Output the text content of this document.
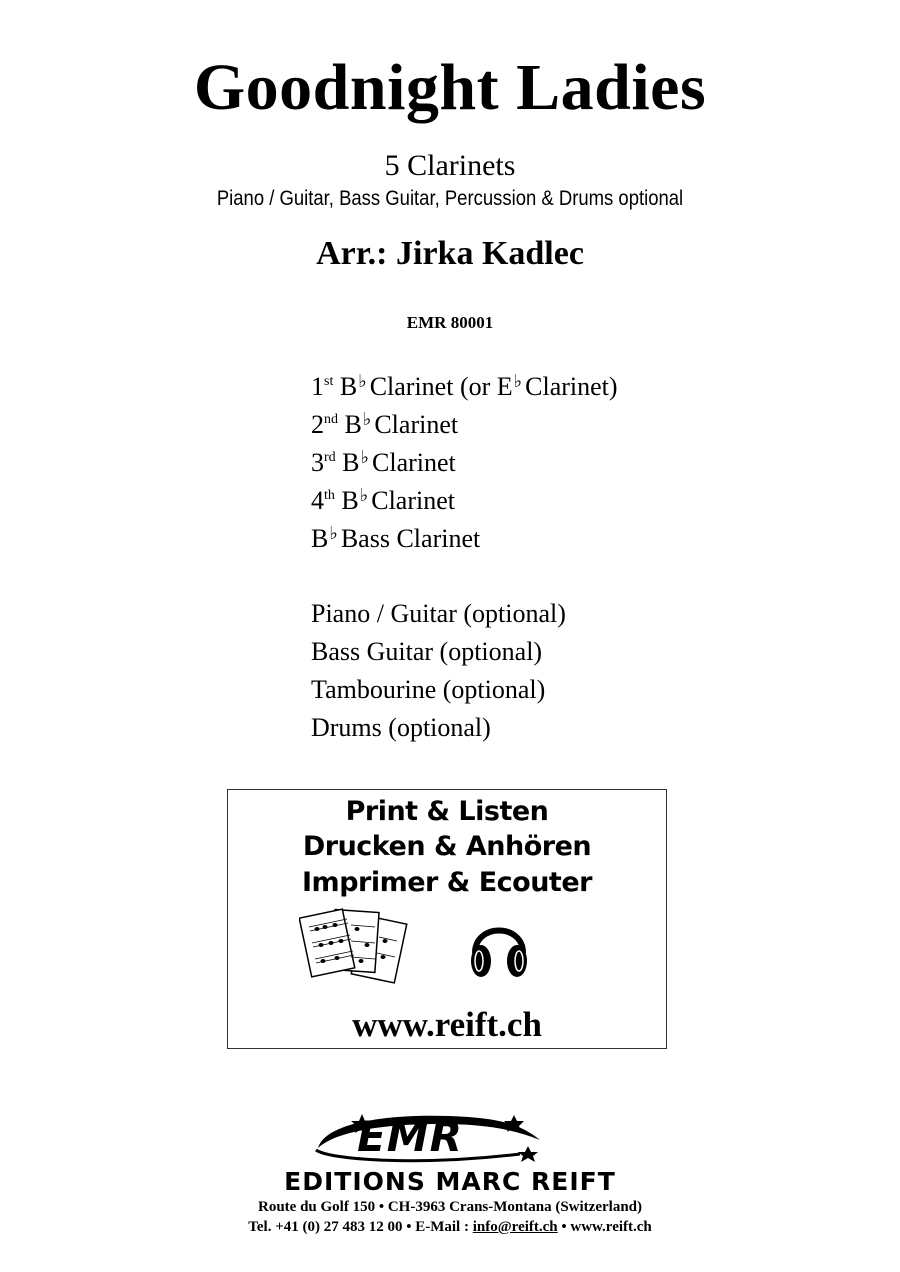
Goodnight Ladies
5 Clarinets
Piano / Guitar, Bass Guitar, Percussion & Drums optional
Arr.: Jirka Kadlec
EMR 80001
1st B♭ Clarinet (or E♭ Clarinet)
2nd B♭ Clarinet
3rd B♭ Clarinet
4th B♭ Clarinet
B♭ Bass Clarinet
Piano / Guitar (optional)
Bass Guitar (optional)
Tambourine (optional)
Drums (optional)
Print & Listen
Drucken & Anhören
Imprimer & Ecouter
www.reift.ch
EMR
EDITIONS MARC REIFT
Route du Golf 150 • CH-3963 Crans-Montana (Switzerland)
Tel. +41 (0) 27 483 12 00 • E-Mail : info@reift.ch • www.reift.ch
